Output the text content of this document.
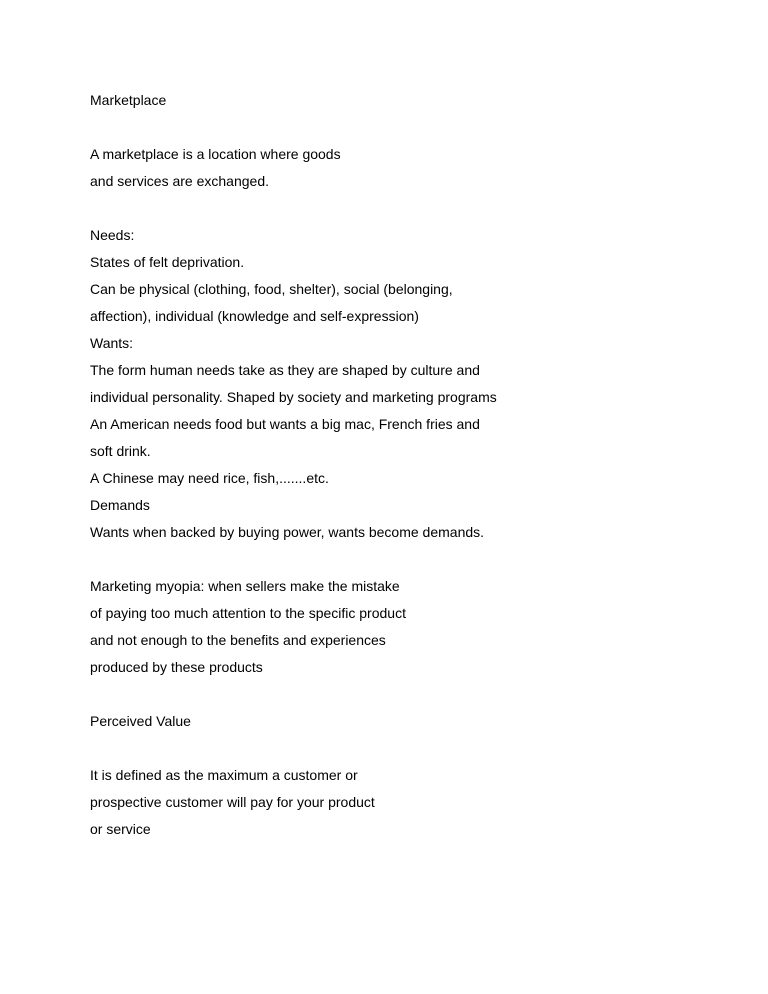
Marketplace
A marketplace is a location where goods
and services are exchanged.
Needs:
States of felt deprivation.
Can be physical (clothing, food, shelter), social (belonging,
affection), individual (knowledge and self-expression)
Wants:
The form human needs take as they are shaped by culture and
individual personality. Shaped by society and marketing programs
An American needs food but wants a big mac, French fries and
soft drink.
A Chinese may need rice, fish,.......etc.
Demands
Wants when backed by buying power, wants become demands.
Marketing myopia: when sellers make the mistake
of paying too much attention to the specific product
and not enough to the benefits and experiences
produced by these products
Perceived Value
It is defined as the maximum a customer or
prospective customer will pay for your product
or service
